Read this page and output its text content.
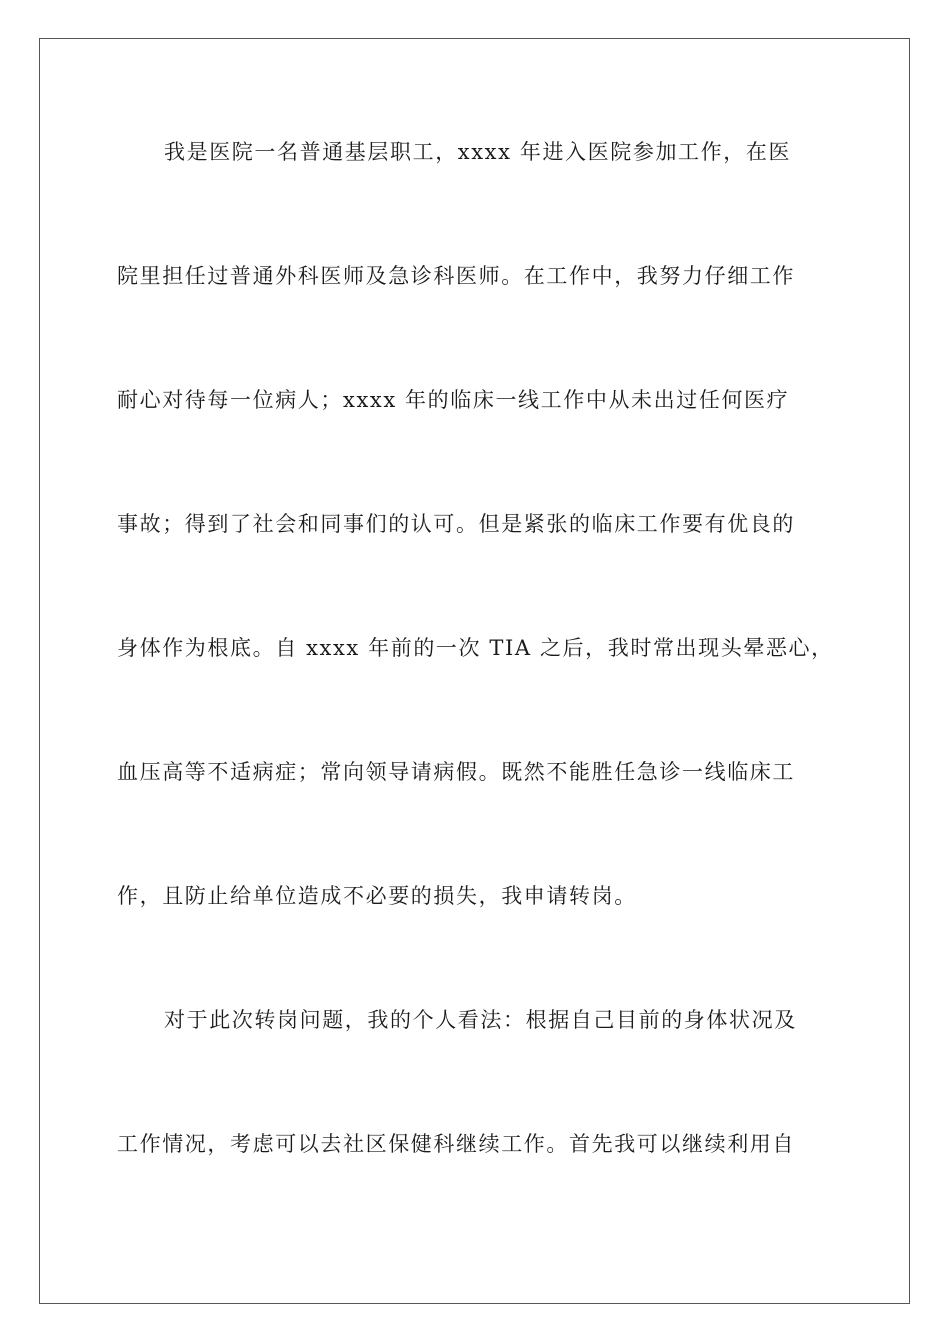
我是医院一名普通基层职工，xxxx 年进入医院参加工作，在医
院里担任过普通外科医师及急诊科医师。在工作中，我努力仔细工作
耐心对待每一位病人；xxxx 年的临床一线工作中从未出过任何医疗
事故；得到了社会和同事们的认可。但是紧张的临床工作要有优良的
身体作为根底。自 xxxx 年前的一次 TIA 之后，我时常出现头晕恶心，
血压高等不适病症；常向领导请病假。既然不能胜任急诊一线临床工
作，且防止给单位造成不必要的损失，我申请转岗。
对于此次转岗问题，我的个人看法：根据自己目前的身体状况及
工作情况，考虑可以去社区保健科继续工作。首先我可以继续利用自
